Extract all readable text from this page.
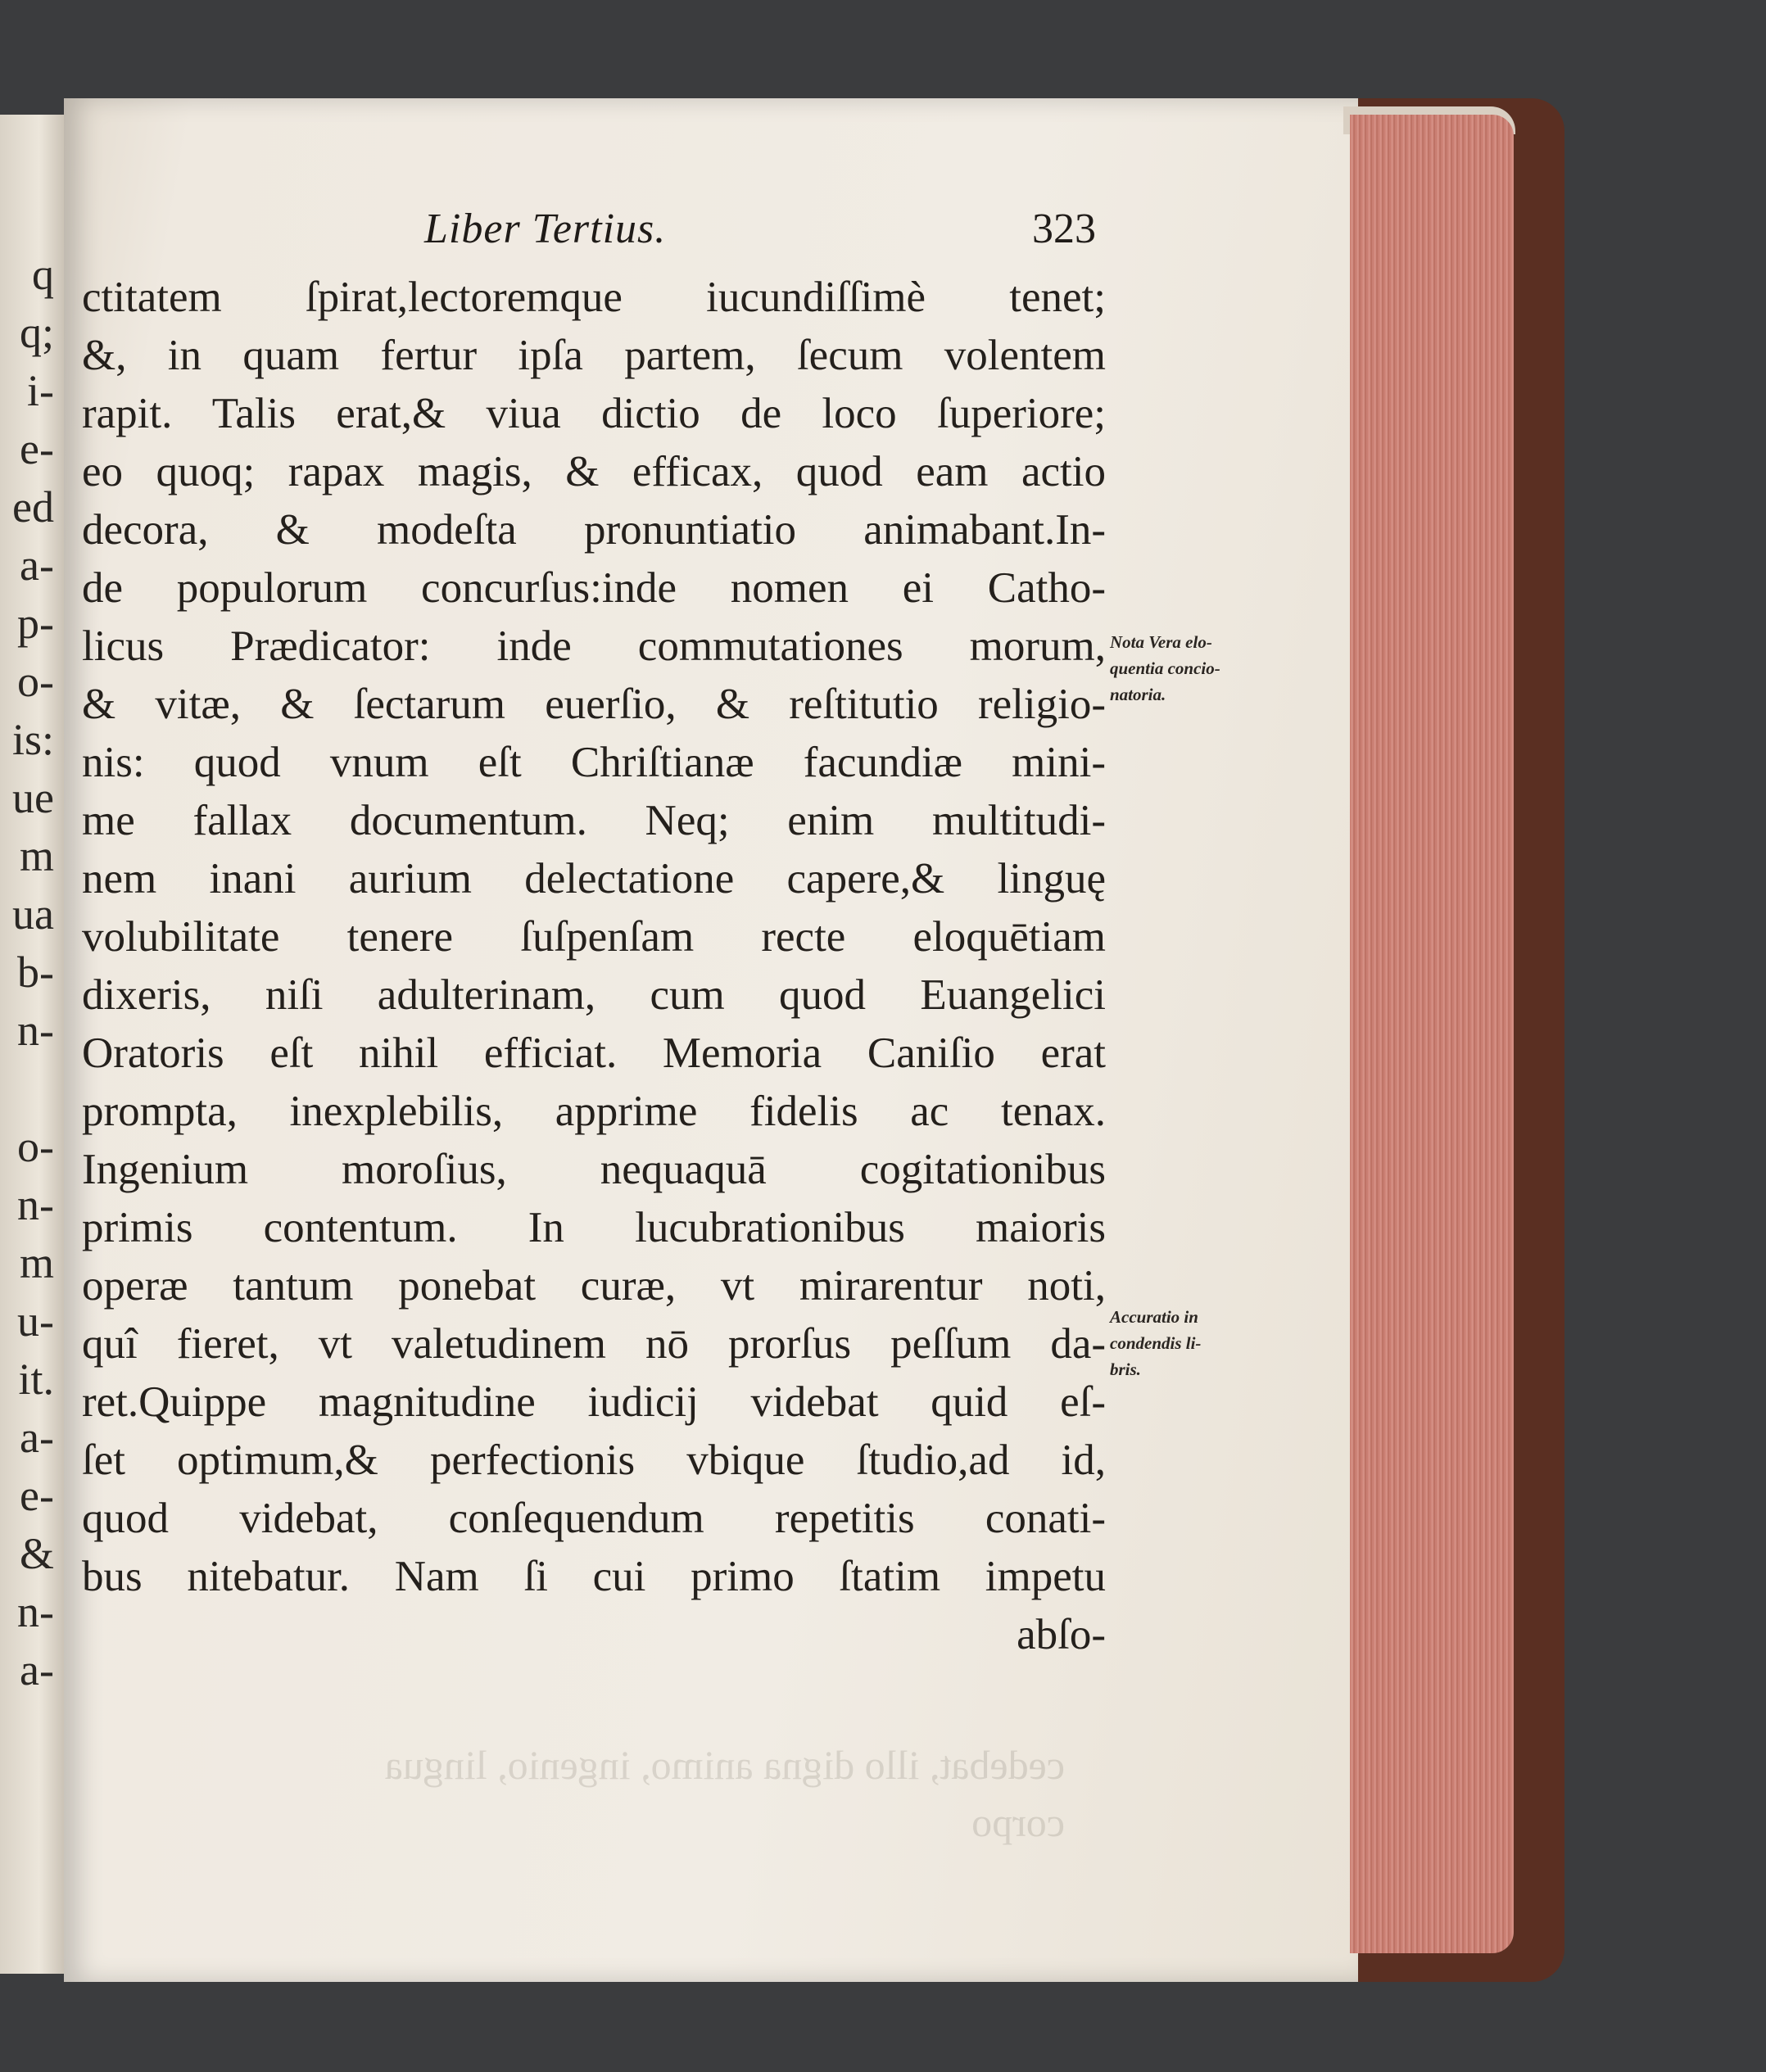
q
q;
i-
e-
ed
a-
p-
o-
is:
ue
m
ua
b-
n-
o-
n-
m
u-
it.
a-
e-
&
n-
a-
Liber Tertius.	323
ctitatem ſpirat,lectoremque iucundiſſimè tenet;
&, in quam fertur ipſa partem, ſecum volentem
rapit. Talis erat,& viua dictio de loco ſuperiore;
eo quoq; rapax magis, & efficax, quod eam actio
decora, & modeſta pronuntiatio animabant.In-
de populorum concurſus:inde nomen ei Catho-
licus Prædicator: inde commutationes morum,
& vitæ, & ſectarum euerſio, & reſtitutio religio-
nis: quod vnum eſt Chriſtianæ facundiæ mini-
me fallax documentum. Neq; enim multitudi-
nem inani aurium delectatione capere,& linguę
volubilitate tenere ſuſpenſam recte eloquētiam
dixeris, niſi adulterinam, cum quod Euangelici
Oratoris eſt nihil efficiat. Memoria Caniſio erat
prompta, inexplebilis, apprime fidelis ac tenax.
Ingenium moroſius, nequaquā cogitationibus
primis contentum. In lucubrationibus maioris
operæ tantum ponebat curæ, vt mirarentur noti,
quî fieret, vt valetudinem nō prorſus peſſum da-
ret.Quippe magnitudine iudicij videbat quid eſ-
ſet optimum,& perfectionis vbique ſtudio,ad id,
quod videbat, conſequendum repetitis conati-
bus nitebatur. Nam ſi cui primo ſtatim impetu
abſo-
Nota Vera elo-
quentia concio-
natoria.
Accuratio in
condendis li-
bris.
cedebat, illo digna animo, ingenio, lingua
corpo
